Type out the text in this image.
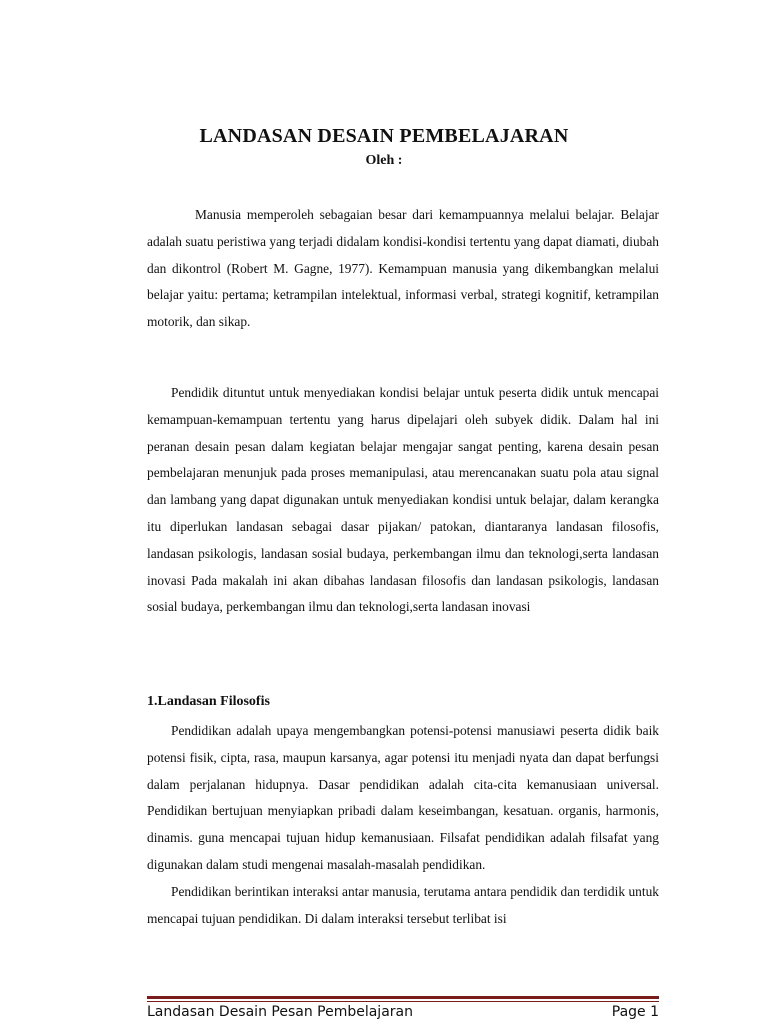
LANDASAN DESAIN PEMBELAJARAN
Oleh :

Manusia memperoleh sebagaian besar dari kemampuannya melalui belajar. Belajar adalah suatu peristiwa yang terjadi didalam kondisi-kondisi tertentu yang dapat diamati, diubah dan dikontrol (Robert M. Gagne, 1977). Kemampuan manusia yang dikembangkan melalui belajar yaitu: pertama; ketrampilan intelektual, informasi verbal, strategi kognitif, ketrampilan motorik, dan sikap.

Pendidik dituntut untuk menyediakan kondisi belajar untuk peserta didik untuk mencapai kemampuan-kemampuan tertentu yang harus dipelajari oleh subyek didik. Dalam hal ini peranan desain pesan dalam kegiatan belajar mengajar sangat penting, karena desain pesan pembelajaran menunjuk pada proses memanipulasi, atau merencanakan suatu pola atau signal dan lambang yang dapat digunakan untuk menyediakan kondisi untuk belajar, dalam kerangka itu diperlukan landasan sebagai dasar pijakan/ patokan, diantaranya landasan filosofis, landasan psikologis, landasan sosial budaya, perkembangan ilmu dan teknologi,serta landasan inovasi Pada makalah ini akan dibahas landasan filosofis dan landasan psikologis, landasan sosial budaya, perkembangan ilmu dan teknologi,serta landasan inovasi

1.Landasan Filosofis

Pendidikan adalah upaya mengembangkan potensi-potensi manusiawi peserta didik baik potensi fisik, cipta, rasa, maupun karsanya, agar potensi itu menjadi nyata dan dapat berfungsi dalam perjalanan hidupnya. Dasar pendidikan adalah cita-cita kemanusiaan universal. Pendidikan bertujuan menyiapkan pribadi dalam keseimbangan, kesatuan. organis, harmonis, dinamis. guna mencapai tujuan hidup kemanusiaan. Filsafat pendidikan adalah filsafat yang digunakan dalam studi mengenai masalah-masalah pendidikan.

Pendidikan berintikan interaksi antar manusia, terutama antara pendidik dan terdidik untuk mencapai tujuan pendidikan. Di dalam interaksi tersebut terlibat isi

Landasan Desain Pesan Pembelajaran	Page 1
